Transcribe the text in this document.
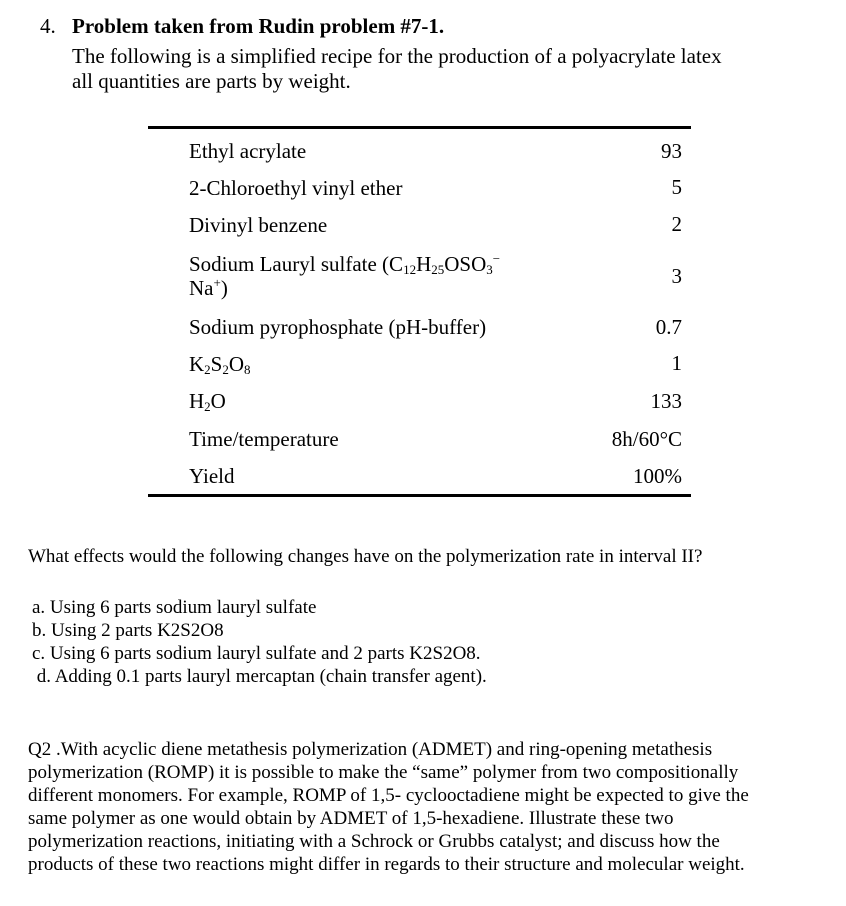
4. Problem taken from Rudin problem #7-1.
The following is a simplified recipe for the production of a polyacrylate latex
all quantities are parts by weight.
Ethyl acrylate	93
2-Chloroethyl vinyl ether	5
Divinyl benzene	2

Sodium Lauryl sulfate ($C_{12}H_{25}OSO_3^-$
Na+)	3
Sodium pyrophosphate (pH-buffer)	0.7
$K_2S_2O_8$	1
$H_2O$	133
Time/temperature	8h/60°C
Yield	100%
What effects would the following changes have on the polymerization rate in interval II?
a. Using 6 parts sodium lauryl sulfate
b. Using 2 parts K2S2O8
c. Using 6 parts sodium lauryl sulfate and 2 parts K2S2O8.
d. Adding 0.1 parts lauryl mercaptan (chain transfer agent).
Q2 .With acyclic diene metathesis polymerization (ADMET) and ring-opening metathesis
polymerization (ROMP) it is possible to make the “same” polymer from two compositionally
different monomers. For example, ROMP of 1,5- cyclooctadiene might be expected to give the
same polymer as one would obtain by ADMET of 1,5-hexadiene. Illustrate these two
polymerization reactions, initiating with a Schrock or Grubbs catalyst; and discuss how the
products of these two reactions might differ in regards to their structure and molecular weight.
